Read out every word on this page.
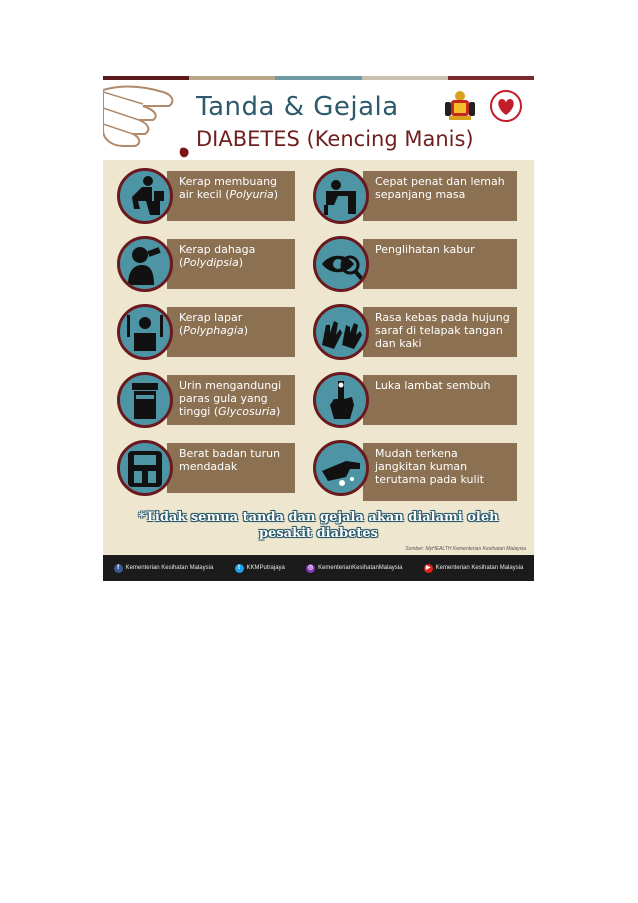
Tanda & Gejala
DIABETES (Kencing Manis)
Kerap membuang air kecil (Polyuria)
Cepat penat dan lemah sepanjang masa
Kerap dahaga (Polydipsia)
Penglihatan kabur
Kerap lapar (Polyphagia)
Rasa kebas pada hujung saraf di telapak tangan dan kaki
Urin mengandungi paras gula yang tinggi (Glycosuria)
Luka lambat sembuh
Berat badan turun mendadak
Mudah terkena jangkitan kuman terutama pada kulit
*Tidak semua tanda dan gejala akan dialami oleh
pesakit diabetes
Sumber: MyHEALTH Kementerian Kesihatan Malaysia
f	Kementerian Kesihatan Malaysia	t	KKMPutrajaya	◎ KementerianKesihatanMalaysia	▶ Kementerian Kesihatan Malaysia
